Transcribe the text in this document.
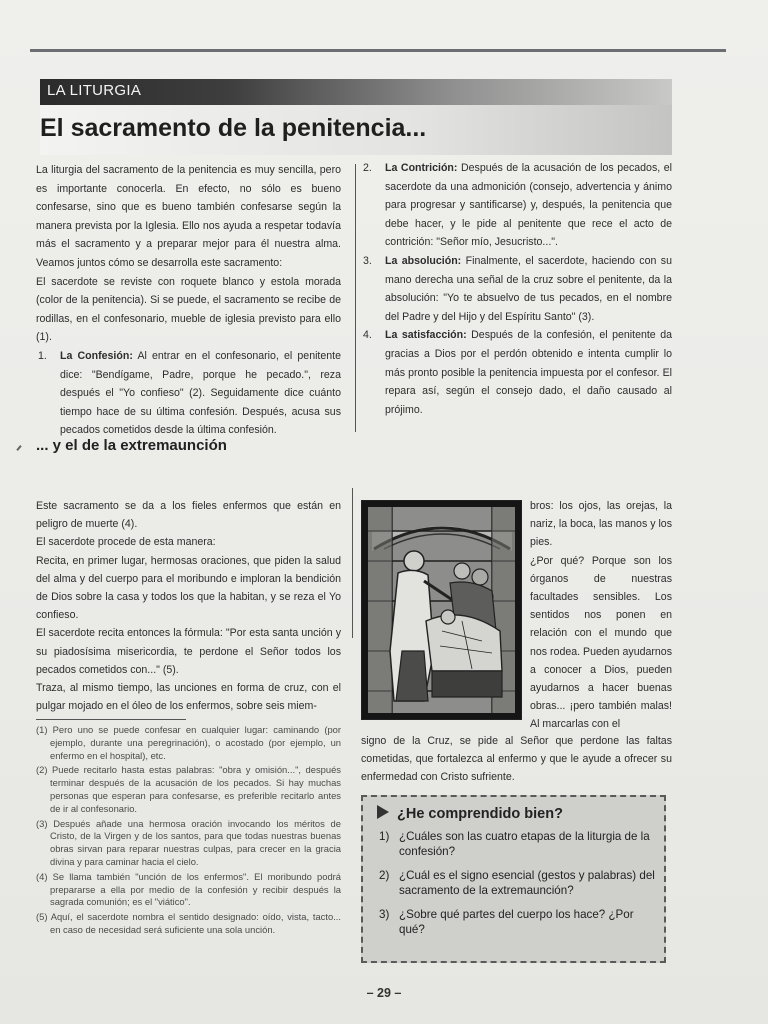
LA LITURGIA
El sacramento de la penitencia...

La liturgia del sacramento de la penitencia es muy sencilla, pero es importante conocerla. En efecto, no sólo es bueno confesarse, sino que es bueno también confesarse según la manera prevista por la Iglesia. Ello nos ayuda a respetar todavía más el sacramento y a preparar mejor para él nuestra alma. Veamos juntos cómo se desarrolla este sacramento:

El sacerdote se reviste con roquete blanco y estola morada (color de la penitencia). Si se puede, el sacramento se recibe de rodillas, en el confesonario, mueble de iglesia previsto para ello (1).

1. La Confesión: Al entrar en el confesonario, el penitente dice: "Bendígame, Padre, porque he pecado.", reza después el "Yo confieso" (2). Seguidamente dice cuánto tiempo hace de su última confesión. Después, acusa sus pecados cometidos desde la última confesión.
2. La Contrición: Después de la acusación de los pecados, el sacerdote da una admonición (consejo, advertencia y ánimo para progresar y santificarse) y, después, la penitencia que debe hacer, y le pide al penitente que rece el acto de contrición: "Señor mío, Jesucristo...".
3. La absolución: Finalmente, el sacerdote, haciendo con su mano derecha una señal de la cruz sobre el penitente, da la absolución: "Yo te absuelvo de tus pecados, en el nombre del Padre y del Hijo y del Espíritu Santo" (3).
4. La satisfacción: Después de la confesión, el penitente da gracias a Dios por el perdón obtenido e intenta cumplir lo más pronto posible la penitencia impuesta por el confesor. El repara así, según el consejo dado, el daño causado al prójimo.
... y el de la extremaunción

Este sacramento se da a los fieles enfermos que están en peligro de muerte (4).

El sacerdote procede de esta manera:

Recita, en primer lugar, hermosas oraciones, que piden la salud del alma y del cuerpo para el moribundo e imploran la bendición de Dios sobre la casa y todos los que la habitan, y se reza el Yo confieso.

El sacerdote recita entonces la fórmula: "Por esta santa unción y su piadosísima misericordia, te perdone el Señor todos los pecados cometidos con..." (5).

Traza, al mismo tiempo, las unciones en forma de cruz, con el pulgar mojado en el óleo de los enfermos, sobre seis miem-

(1) Pero uno se puede confesar en cualquier lugar: caminando (por ejemplo, durante una peregrinación), o acostado (por ejemplo, un enfermo en el hospital), etc.

(2) Puede recitarlo hasta estas palabras: "obra y omisión...", después terminar después de la acusación de los pecados. Si hay muchas personas que esperan para confesarse, es preferible recitarlo antes de ir al confesonario.

(3) Después añade una hermosa oración invocando los méritos de Cristo, de la Virgen y de los santos, para que todas nuestras buenas obras sirvan para reparar nuestras culpas, para crecer en la gracia divina y para caminar hacia el cielo.

(4) Se llama también "unción de los enfermos". El moribundo podrá prepararse a ella por medio de la confesión y recibir después la sagrada comunión; es el "viático".

(5) Aquí, el sacerdote nombra el sentido designado: oído, vista, tacto... en caso de necesidad será suficiente una sola unción.

bros: los ojos, las orejas, la nariz, la boca, las manos y los pies.

¿Por qué? Porque son los órganos de nuestras facultades sensibles. Los sentidos nos ponen en relación con el mundo que nos rodea. Pueden ayudarnos a conocer a Dios, pueden ayudarnos a hacer buenas obras... ¡pero también malas! Al marcarlas con el

signo de la Cruz, se pide al Señor que perdone las faltas cometidas, que fortalezca al enfermo y que le ayude a ofrecer su enfermedad con Cristo sufriente.

¿He comprendido bien?
1) ¿Cuáles son las cuatro etapas de la liturgia de la confesión?
2) ¿Cuál es el signo esencial (gestos y palabras) del sacramento de la extremaunción?
3) ¿Sobre qué partes del cuerpo los hace? ¿Por qué?
– 29 –
